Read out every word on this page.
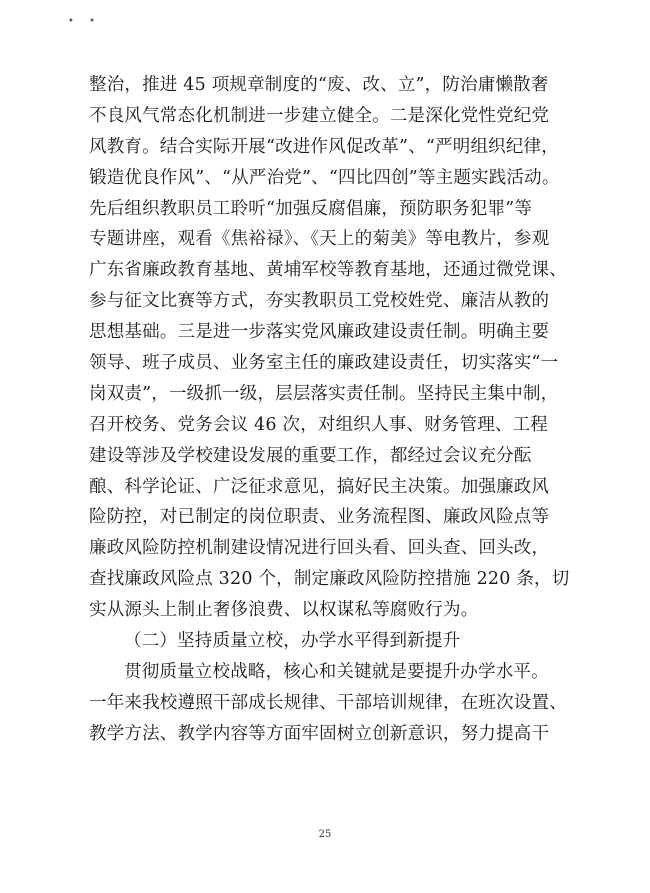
• •
整治，推进 45 项规章制度的“废、改、立”，防治庸懒散奢
不良风气常态化机制进一步建立健全。二是深化党性党纪党
风教育。结合实际开展“改进作风促改革”、“严明组织纪律，
锻造优良作风”、“从严治党”、“四比四创”等主题实践活动。
先后组织教职员工聆听“加强反腐倡廉，预防职务犯罪”等
专题讲座，观看《焦裕禄》、《天上的菊美》等电教片，参观
广东省廉政教育基地、黄埔军校等教育基地，还通过微党课、
参与征文比赛等方式，夯实教职员工党校姓党、廉洁从教的
思想基础。三是进一步落实党风廉政建设责任制。明确主要
领导、班子成员、业务室主任的廉政建设责任，切实落实“一
岗双责”，一级抓一级，层层落实责任制。坚持民主集中制，
召开校务、党务会议 46 次，对组织人事、财务管理、工程
建设等涉及学校建设发展的重要工作，都经过会议充分酝
酿、科学论证、广泛征求意见，搞好民主决策。加强廉政风
险防控，对已制定的岗位职责、业务流程图、廉政风险点等
廉政风险防控机制建设情况进行回头看、回头查、回头改，
查找廉政风险点 320 个，制定廉政风险防控措施 220 条，切
实从源头上制止奢侈浪费、以权谋私等腐败行为。
（二）坚持质量立校，办学水平得到新提升
贯彻质量立校战略，核心和关键就是要提升办学水平。
一年来我校遵照干部成长规律、干部培训规律，在班次设置、
教学方法、教学内容等方面牢固树立创新意识，努力提高干
25
